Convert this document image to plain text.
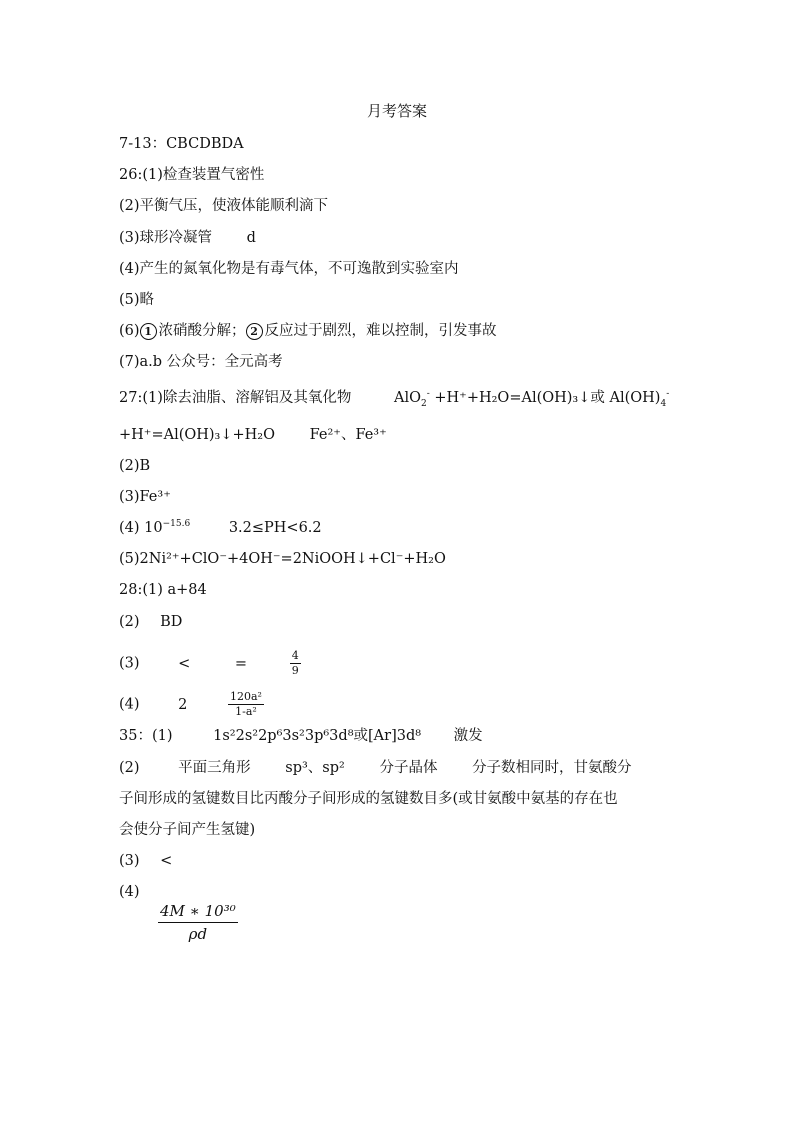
月考答案
7-13：CBCDBDA
26:(1)检查装置气密性
(2)平衡气压，使液体能顺利滴下
(3)球形冷凝管 d
(4)产生的氮氧化物是有毒气体，不可逸散到实验室内
(5)略
(6) 1 浓硝酸分解； 2 反应过于剧烈，难以控制，引发事故
(7)a.b 公众号：全元高考
27:(1)除去油脂、溶解铝及其氧化物	AlO$_2$- +H⁺+H₂O=Al(OH)₃↓或 $Al(OH)_4^-$
+H⁺=Al(OH)₃↓+H₂O Fe²⁺、Fe³⁺
(2)B
(3)Fe³⁺
(4) $10^{-15.6}$	3.2≤PH<6.2
(5)2Ni²⁺+ClO⁻+4OH⁻=2NiOOH↓+Cl⁻+H₂O
28:(1) a+84
(2) BD
(3)	<	=	$\frac{4}{9}$
(4)	2	$\frac{\text{120a²}}{\text{1-a²}}$
35：(1)	1s²2s²2p⁶3s²3p⁶3d⁸或[Ar]3d⁸ 激发
(2)	平面三角形 sp³、sp² 分子晶体 分子数相同时，甘氨酸分
子间形成的氢键数目比丙酸分子间形成的氢键数目多(或甘氨酸中氨基的存在也
会使分子间产生氢键)
(3) <
(4)
$\frac{\text{4M ∗ 10³⁰}}{\rho d}$
